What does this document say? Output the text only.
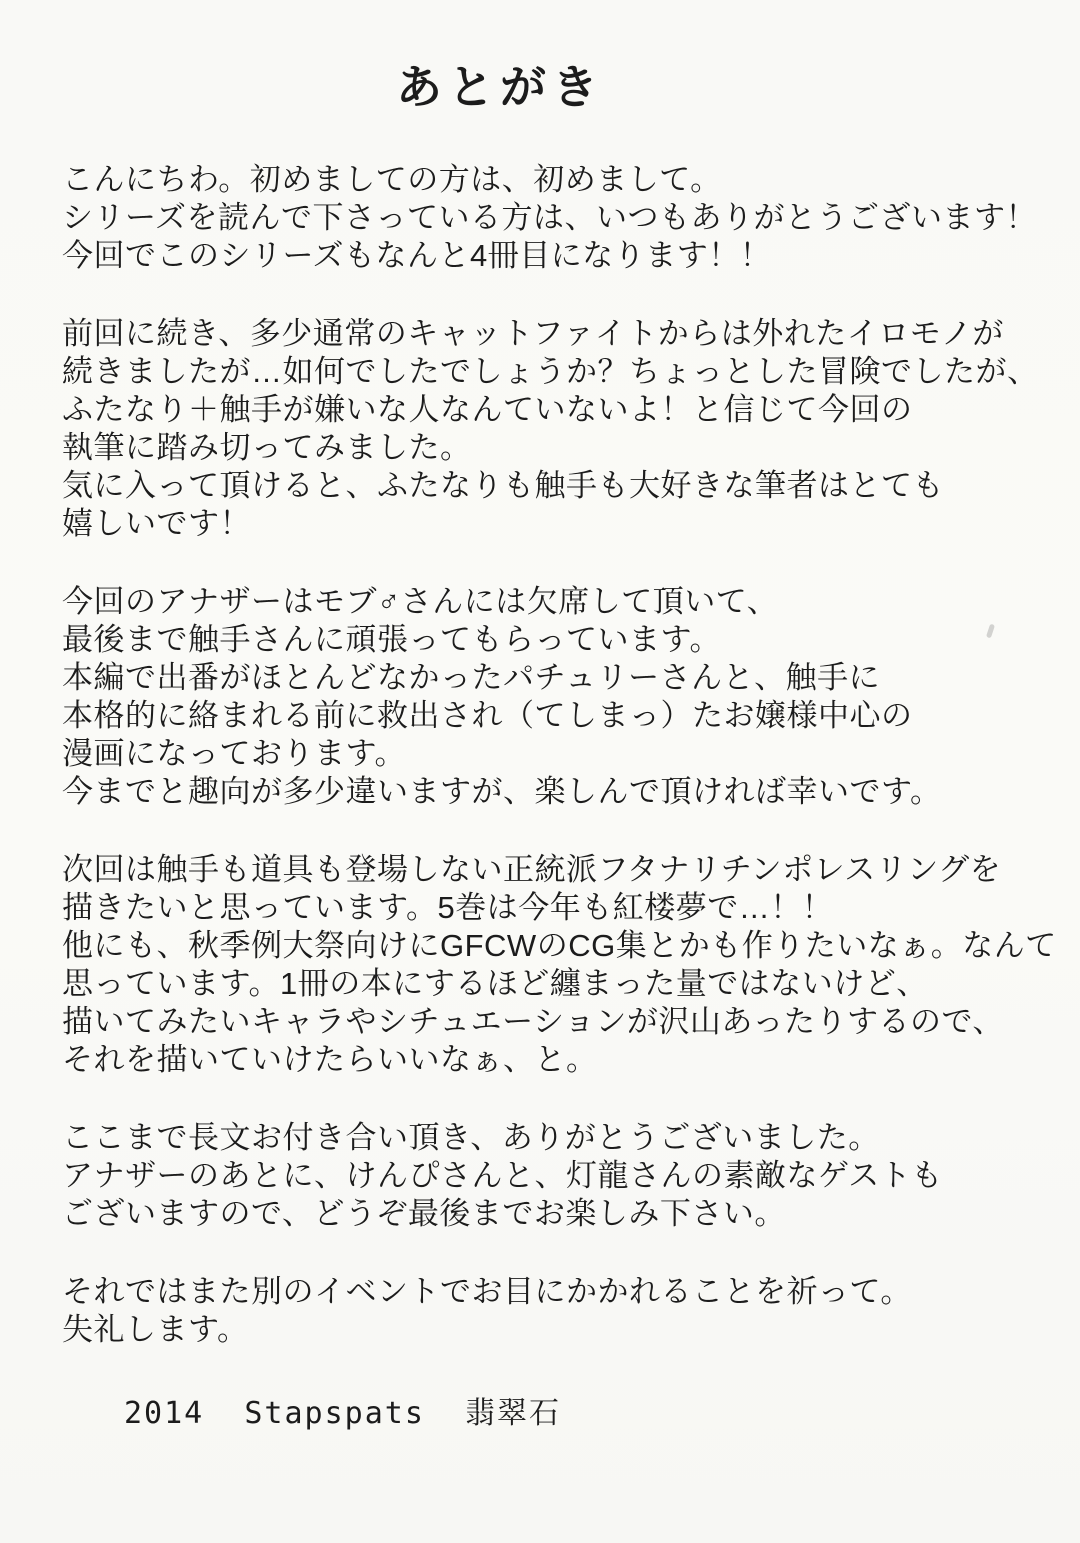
あとがき
こんにちわ。初めましての方は、初めまして。
シリーズを読んで下さっている方は、いつもありがとうございます！
今回でこのシリーズもなんと4冊目になります！！
前回に続き、多少通常のキャットファイトからは外れたイロモノが
続きましたが…如何でしたでしょうか？ちょっとした冒険でしたが、
ふたなり＋触手が嫌いな人なんていないよ！と信じて今回の
執筆に踏み切ってみました。
気に入って頂けると、ふたなりも触手も大好きな筆者はとても
嬉しいです！
今回のアナザーはモブ♂さんには欠席して頂いて、
最後まで触手さんに頑張ってもらっています。
本編で出番がほとんどなかったパチュリーさんと、触手に
本格的に絡まれる前に救出され（てしまっ）たお嬢様中心の
漫画になっております。
今までと趣向が多少違いますが、楽しんで頂ければ幸いです。
次回は触手も道具も登場しない正統派フタナリチンポレスリングを
描きたいと思っています。5巻は今年も紅楼夢で…！！
他にも、秋季例大祭向けにGFCWのCG集とかも作りたいなぁ。なんて
思っています。1冊の本にするほど纏まった量ではないけど、
描いてみたいキャラやシチュエーションが沢山あったりするので、
それを描いていけたらいいなぁ、と。
ここまで長文お付き合い頂き、ありがとうございました。
アナザーのあとに、けんぴさんと、灯龍さんの素敵なゲストも
ございますので、どうぞ最後までお楽しみ下さい。
それではまた別のイベントでお目にかかれることを祈って。
失礼します。
2014  Stapspats  翡翠石
